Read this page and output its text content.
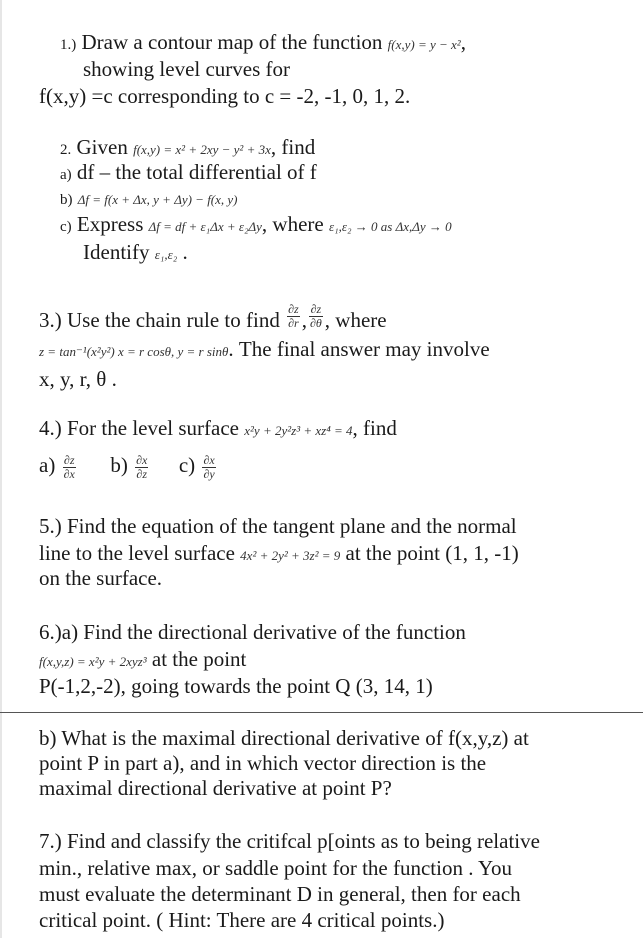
1.) Draw a contour map of the function f(x,y) = y − x²,
showing level curves for
f(x,y) =c corresponding to c = -2, -1, 0, 1, 2.
2. Given f(x,y) = x² + 2xy − y² + 3x, find
a) df – the total differential of f
b) Δf = f(x + Δx, y + Δy) − f(x, y)
c) Express Δf = df + ε₁Δx + ε₂Δy, where ε₁,ε₂ → 0 as Δx,Δy → 0
Identify ε₁,ε₂ .
3.) Use the chain rule to find $\frac{\partial z}{\partial r}$ , $\frac{\partial z}{\partial\theta}$ , where
z = tan⁻¹(x²y²) x = r cosθ, y = r sinθ. The final answer may involve
x, y, r, θ .
4.) For the level surface x²y + 2y²z³ + xz⁴ = 4, find
$a) \frac{\partial z}{\partial x} b) \frac{\partial x}{\partial z} c) \frac{\partial x}{\partial y}$
5.) Find the equation of the tangent plane and the normal
line to the level surface 4x² + 2y² + 3z² = 9 at the point (1, 1, -1)
on the surface.
6.)a) Find the directional derivative of the function
f(x,y,z) = x²y + 2xyz³ at the point
P(-1,2,-2), going towards the point Q (3, 14, 1)
b) What is the maximal directional derivative of f(x,y,z) at
point P in part a), and in which vector direction is the
maximal directional derivative at point P?
7.) Find and classify the critifcal p[oints as to being relative
min., relative max, or saddle point for the function . You
must evaluate the determinant D in general, then for each
critical point. ( Hint: There are 4 critical points.)
